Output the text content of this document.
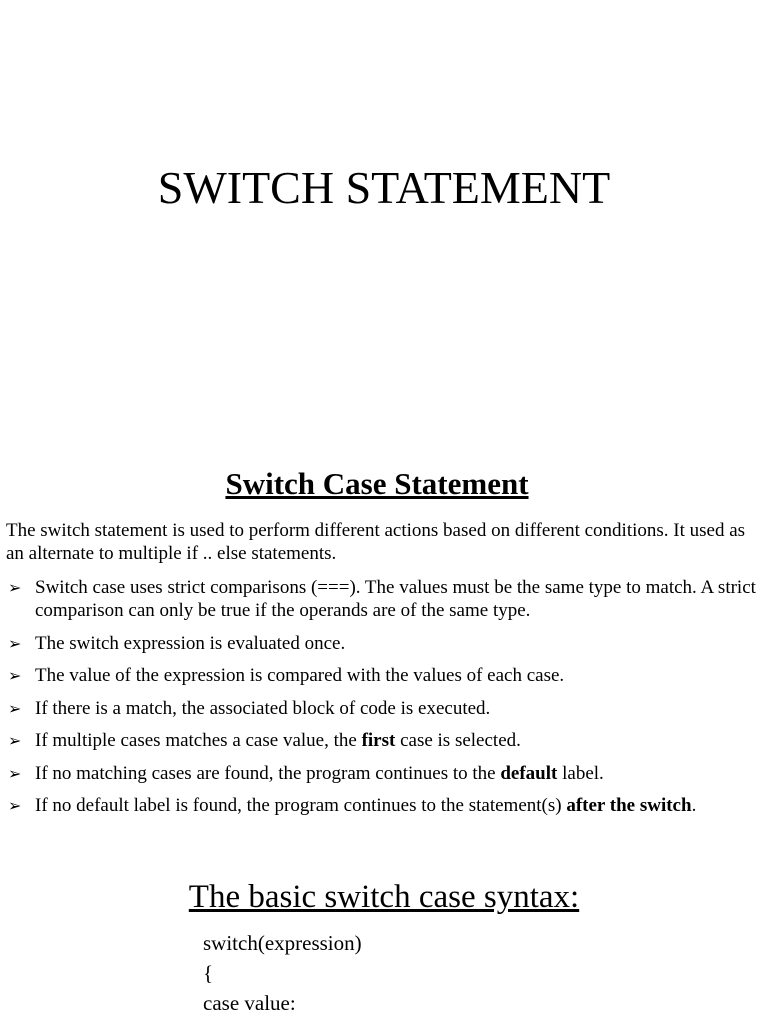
SWITCH STATEMENT
Switch Case Statement

The switch statement is used to perform different actions based on different conditions. It used as an alternate to multiple if .. else statements.

➢ Switch case uses strict comparisons (===). The values must be the same type to match. A strict comparison can only be true if the operands are of the same type.
➢ The switch expression is evaluated once.
➢ The value of the expression is compared with the values of each case.
➢ If there is a match, the associated block of code is executed.
➢ If multiple cases matches a case value, the first case is selected.
➢ If no matching cases are found, the program continues to the default label.
➢ If no default label is found, the program continues to the statement(s) after the switch.
The basic switch case syntax:
switch(expression)
{
case value:
